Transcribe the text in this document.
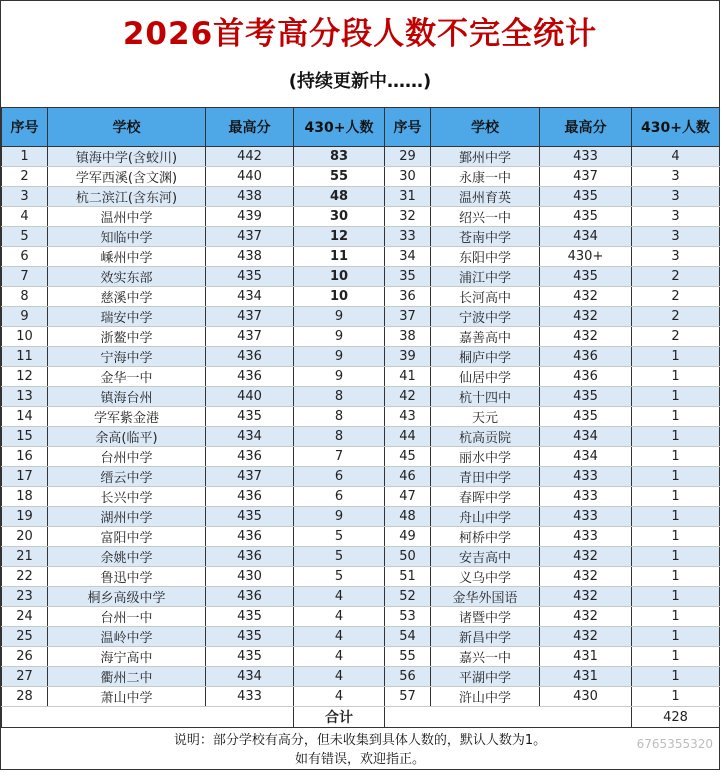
2026首考高分段人数不完全统计
(持续更新中……)
序号	学校	最高分	430+人数	序号	学校	最高分	430+人数
1	镇海中学(含蛟川)	442	83	29	鄞州中学	433	4
2	学军西溪(含文渊)	440	55	30	永康一中	437	3
3	杭二滨江(含东河)	438	48	31	温州育英	435	3
4	温州中学	439	30	32	绍兴一中	435	3
5	知临中学	437	12	33	苍南中学	434	3
6	嵊州中学	438	11	34	东阳中学	430+	3
7	效实东部	435	10	35	浦江中学	435	2
8	慈溪中学	434	10	36	长河高中	432	2
9	瑞安中学	437	9	37	宁波中学	432	2
10	浙鳌中学	437	9	38	嘉善高中	432	2
11	宁海中学	436	9	39	桐庐中学	436	1
12	金华一中	436	9	41	仙居中学	436	1
13	镇海台州	440	8	42	杭十四中	435	1
14	学军紫金港	435	8	43	天元	435	1
15	余高(临平)	434	8	44	杭高贡院	434	1
16	台州中学	436	7	45	丽水中学	434	1
17	缙云中学	437	6	46	青田中学	433	1
18	长兴中学	436	6	47	春晖中学	433	1
19	湖州中学	435	9	48	舟山中学	433	1
20	富阳中学	436	5	49	柯桥中学	433	1
21	余姚中学	436	5	50	安吉高中	432	1
22	鲁迅中学	430	5	51	义乌中学	432	1
23	桐乡高级中学	436	4	52	金华外国语	432	1
24	台州一中	435	4	53	诸暨中学	432	1
25	温岭中学	435	4	54	新昌中学	432	1
26	海宁高中	435	4	55	嘉兴一中	431	1
27	衢州二中	434	4	56	平湖中学	431	1
28	萧山中学	433	4	57	浒山中学	430	1
			合计				428
说明：部分学校有高分，但未收集到具体人数的，默认人数为1。
如有错误，欢迎指正。
6765355320
